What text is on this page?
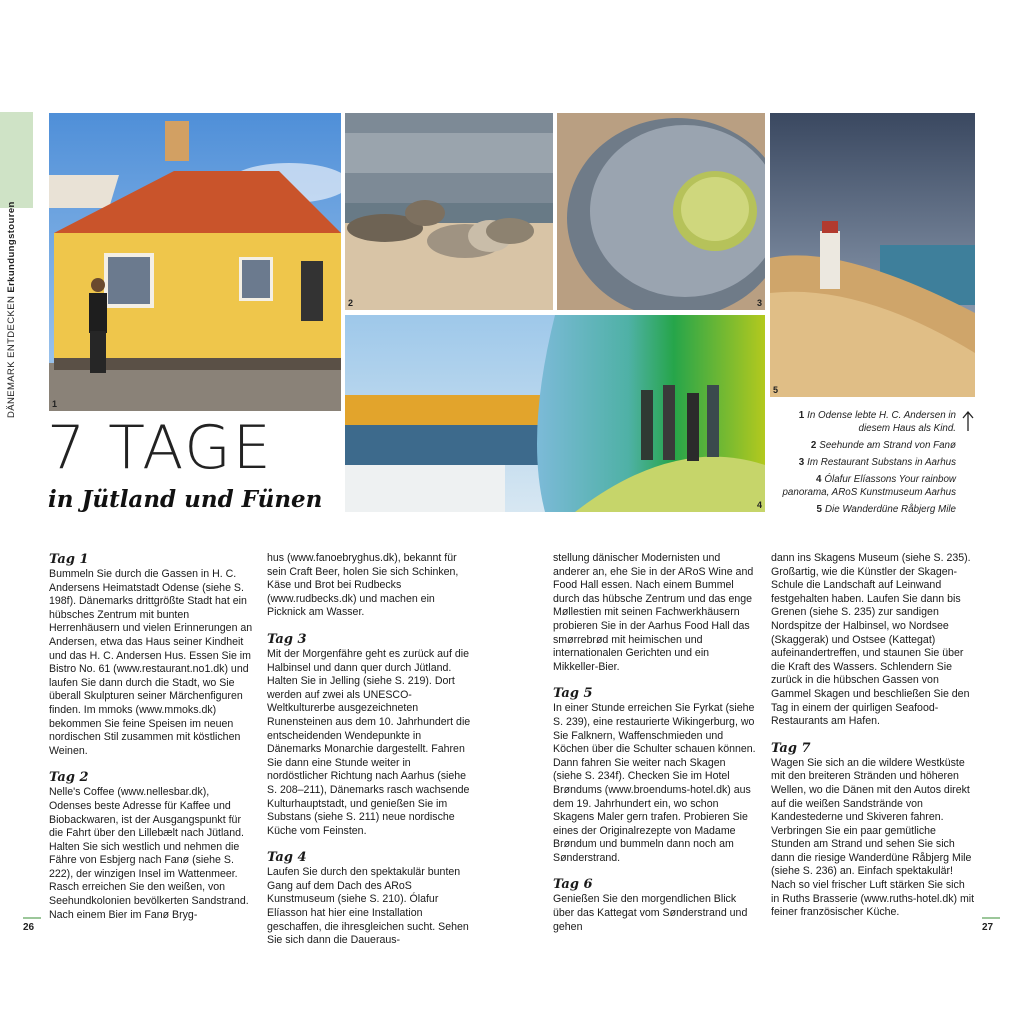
DÄNEMARK ENTDECKEN Erkundungstouren
1
2	3
5
4
7 TAGE
in Jütland und Fünen
1 In Odense lebte H. C. Andersen in diesem Haus als Kind.
2 Seehunde am Strand von Fanø
3 Im Restaurant Substans in Aarhus
4 Ólafur Elíassons Your rainbow panorama, ARoS Kunstmuseum Aarhus
5 Die Wanderdüne Råbjerg Mile
Tag 1

Bummeln Sie durch die Gassen in H. C. Andersens Heimatstadt Odense (siehe S. 198f). Dänemarks drittgrößte Stadt hat ein hübsches Zentrum mit bunten Herrenhäusern und vielen Erinnerungen an Andersen, etwa das Haus seiner Kindheit und das H. C. Andersen Hus. Essen Sie im Bistro No. 61 (www.restaurant.no1.dk) und laufen Sie dann durch die Stadt, wo Sie überall Skulpturen seiner Märchenfiguren finden. Im mmoks (www.mmoks.dk) bekommen Sie feine Speisen im neuen nordischen Stil zusammen mit köstlichen Weinen.

Tag 2

Nelle's Coffee (www.nellesbar.dk), Odenses beste Adresse für Kaffee und Biobackwaren, ist der Ausgangspunkt für die Fahrt über den Lillebælt nach Jütland. Halten Sie sich westlich und nehmen die Fähre von Esbjerg nach Fanø (siehe S. 222), der winzigen Insel im Wattenmeer. Rasch erreichen Sie den weißen, von Seehundkolonien bevölkerten Sandstrand. Nach einem Bier im Fanø Bryg-

hus (www.fanoebryghus.dk), bekannt für sein Craft Beer, holen Sie sich Schinken, Käse und Brot bei Rudbecks (www.rudbecks.dk) und machen ein Picknick am Wasser.

Tag 3

Mit der Morgenfähre geht es zurück auf die Halbinsel und dann quer durch Jütland. Halten Sie in Jelling (siehe S. 219). Dort werden auf zwei als UNESCO-Weltkulturerbe ausgezeichneten Runensteinen aus dem 10. Jahrhundert die entscheidenden Wendepunkte in Dänemarks Monarchie dargestellt. Fahren Sie dann eine Stunde weiter in nordöstlicher Richtung nach Aarhus (siehe S. 208–211), Dänemarks rasch wachsende Kulturhauptstadt, und genießen Sie im Substans (siehe S. 211) neue nordische Küche vom Feinsten.

Tag 4

Laufen Sie durch den spektakulär bunten Gang auf dem Dach des ARoS Kunstmuseum (siehe S. 210). Ólafur Elíasson hat hier eine Installation geschaffen, die ihresgleichen sucht. Sehen Sie sich dann die Daueraus-

stellung dänischer Modernisten und anderer an, ehe Sie in der ARoS Wine and Food Hall essen. Nach einem Bummel durch das hübsche Zentrum und das enge Møllestien mit seinen Fachwerkhäusern probieren Sie in der Aarhus Food Hall das smørrebrød mit heimischen und internationalen Gerichten und ein Mikkeller-Bier.

Tag 5

In einer Stunde erreichen Sie Fyrkat (siehe S. 239), eine restaurierte Wikingerburg, wo Sie Falknern, Waffenschmieden und Köchen über die Schulter schauen können. Dann fahren Sie weiter nach Skagen (siehe S. 234f). Checken Sie im Hotel Brøndums (www.broendums-hotel.dk) aus dem 19. Jahrhundert ein, wo schon Skagens Maler gern trafen. Probieren Sie eines der Originalrezepte von Madame Brøndum und bummeln dann noch am Sønderstrand.

Tag 6

Genießen Sie den morgendlichen Blick über das Kattegat vom Sønderstrand und gehen

dann ins Skagens Museum (siehe S. 235). Großartig, wie die Künstler der Skagen-Schule die Landschaft auf Leinwand festgehalten haben. Laufen Sie dann bis Grenen (siehe S. 235) zur sandigen Nordspitze der Halbinsel, wo Nordsee (Skaggerak) und Ostsee (Kattegat) aufeinandertreffen, und staunen Sie über die Kraft des Wassers. Schlendern Sie zurück in die hübschen Gassen von Gammel Skagen und beschließen Sie den Tag in einem der quirligen Seafood-Restaurants am Hafen.

Tag 7

Wagen Sie sich an die wildere Westküste mit den breiteren Stränden und höheren Wellen, wo die Dänen mit den Autos direkt auf die weißen Sandstrände von Kandestederne und Skiveren fahren. Verbringen Sie ein paar gemütliche Stunden am Strand und sehen Sie sich dann die riesige Wanderdüne Råbjerg Mile (siehe S. 236) an. Einfach spektakulär! Nach so viel frischer Luft stärken Sie sich in Ruths Brasserie (www.ruths-hotel.dk) mit feiner französischer Küche.

26	27
